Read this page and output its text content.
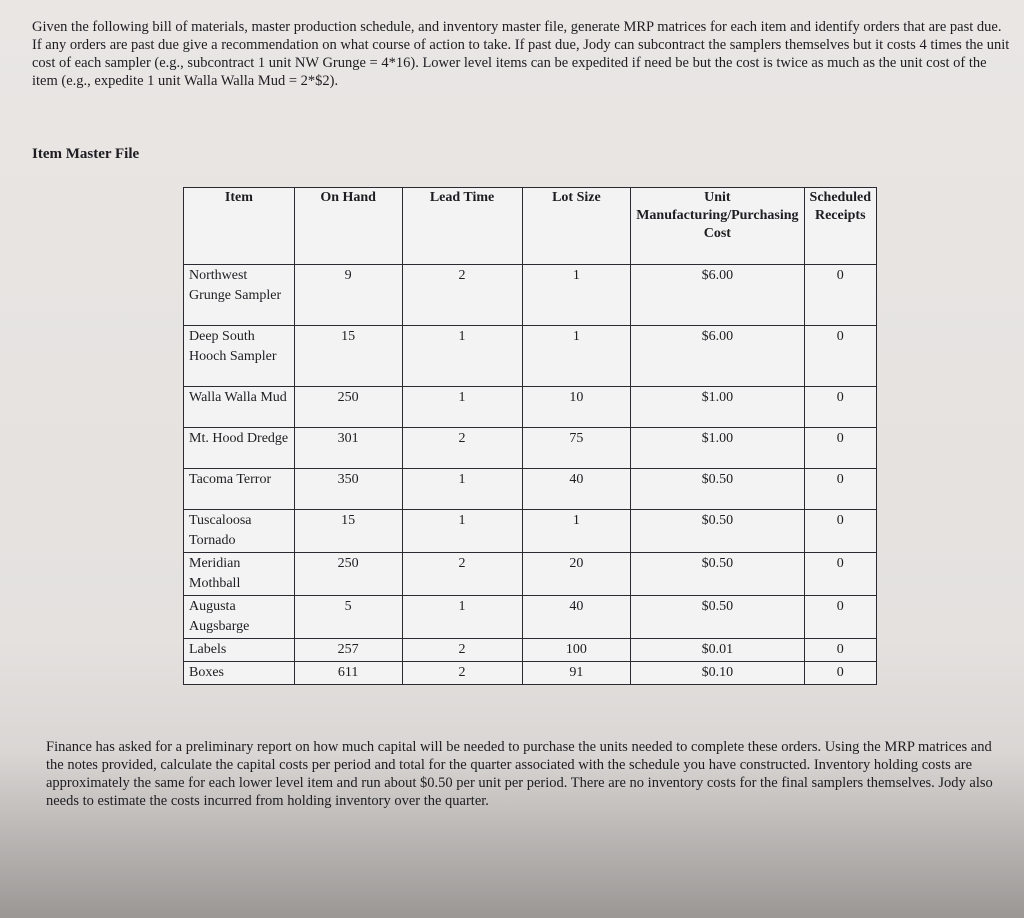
Given the following bill of materials, master production schedule, and inventory master file, generate MRP matrices for each item and identify orders that are past due. If any orders are past due give a recommendation on what course of action to take. If past due, Jody can subcontract the samplers themselves but it costs 4 times the unit cost of each sampler (e.g., subcontract 1 unit NW Grunge = 4*16). Lower level items can be expedited if need be but the cost is twice as much as the unit cost of the item (e.g., expedite 1 unit Walla Walla Mud = 2*$2).

Item Master File
Item	On Hand	Lead Time	Lot Size	Unit Manufacturing/Purchasing Cost	Scheduled Receipts
Northwest Grunge Sampler	9	2	1	$6.00	0
Deep South Hooch Sampler	15	1	1	$6.00	0
Walla Walla Mud	250	1	10	$1.00	0
Mt. Hood Dredge	301	2	75	$1.00	0
Tacoma Terror	350	1	40	$0.50	0
Tuscaloosa Tornado	15	1	1	$0.50	0
Meridian Mothball	250	2	20	$0.50	0
Augusta Augsbarge	5	1	40	$0.50	0
Labels	257	2	100	$0.01	0
Boxes	611	2	91	$0.10	0

Finance has asked for a preliminary report on how much capital will be needed to purchase the units needed to complete these orders. Using the MRP matrices and the notes provided, calculate the capital costs per period and total for the quarter associated with the schedule you have constructed. Inventory holding costs are approximately the same for each lower level item and run about $0.50 per unit per period. There are no inventory costs for the final samplers themselves. Jody also needs to estimate the costs incurred from holding inventory over the quarter.
